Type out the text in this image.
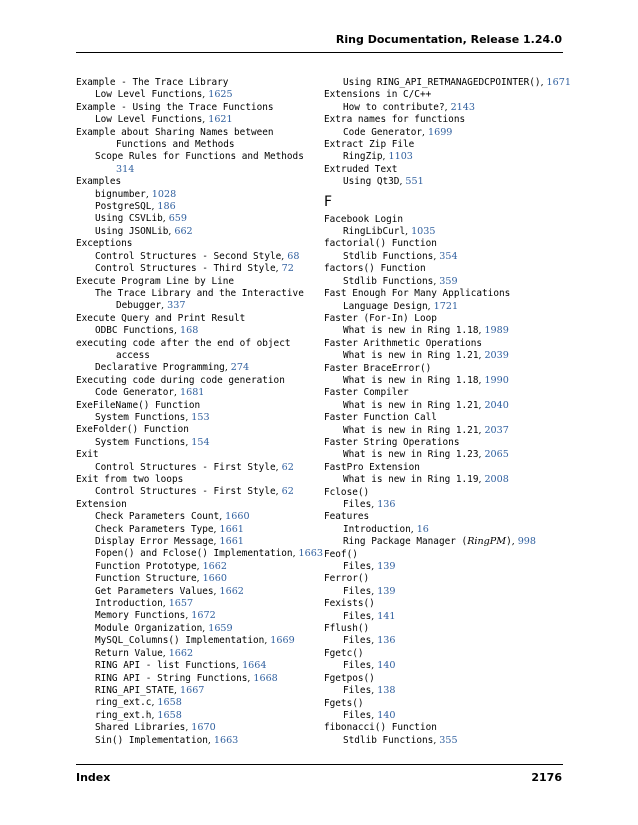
Ring Documentation, Release 1.24.0
Example - The Trace Library
Low Level Functions, 1625
Example - Using the Trace Functions
Low Level Functions, 1621
Example about Sharing Names between
Functions and Methods
Scope Rules for Functions and Methods
314
Examples
bignumber, 1028
PostgreSQL, 186
Using CSVLib, 659
Using JSONLib, 662
Exceptions
Control Structures - Second Style, 68
Control Structures - Third Style, 72
Execute Program Line by Line
The Trace Library and the Interactive
Debugger, 337
Execute Query and Print Result
ODBC Functions, 168
executing code after the end of object
access
Declarative Programming, 274
Executing code during code generation
Code Generator, 1681
ExeFileName() Function
System Functions, 153
ExeFolder() Function
System Functions, 154
Exit
Control Structures - First Style, 62
Exit from two loops
Control Structures - First Style, 62
Extension
Check Parameters Count, 1660
Check Parameters Type, 1661
Display Error Message, 1661
Fopen() and Fclose() Implementation, 1663
Function Prototype, 1662
Function Structure, 1660
Get Parameters Values, 1662
Introduction, 1657
Memory Functions, 1672
Module Organization, 1659
MySQL_Columns() Implementation, 1669
Return Value, 1662
RING API - list Functions, 1664
RING API - String Functions, 1668
RING_API_STATE, 1667
ring_ext.c, 1658
ring_ext.h, 1658
Shared Libraries, 1670
Sin() Implementation, 1663
Using RING_API_RETMANAGEDCPOINTER(), 1671
Extensions in C/C++
How to contribute?, 2143
Extra names for functions
Code Generator, 1699
Extract Zip File
RingZip, 1103
Extruded Text
Using Qt3D, 551
F
Facebook Login
RingLibCurl, 1035
factorial() Function
Stdlib Functions, 354
factors() Function
Stdlib Functions, 359
Fast Enough For Many Applications
Language Design, 1721
Faster (For-In) Loop
What is new in Ring 1.18, 1989
Faster Arithmetic Operations
What is new in Ring 1.21, 2039
Faster BraceError()
What is new in Ring 1.18, 1990
Faster Compiler
What is new in Ring 1.21, 2040
Faster Function Call
What is new in Ring 1.21, 2037
Faster String Operations
What is new in Ring 1.23, 2065
FastPro Extension
What is new in Ring 1.19, 2008
Fclose()
Files, 136
Features
Introduction, 16
Ring Package Manager (RingPM), 998
Feof()
Files, 139
Ferror()
Files, 139
Fexists()
Files, 141
Fflush()
Files, 136
Fgetc()
Files, 140
Fgetpos()
Files, 138
Fgets()
Files, 140
fibonacci() Function
Stdlib Functions, 355
Index	2176
